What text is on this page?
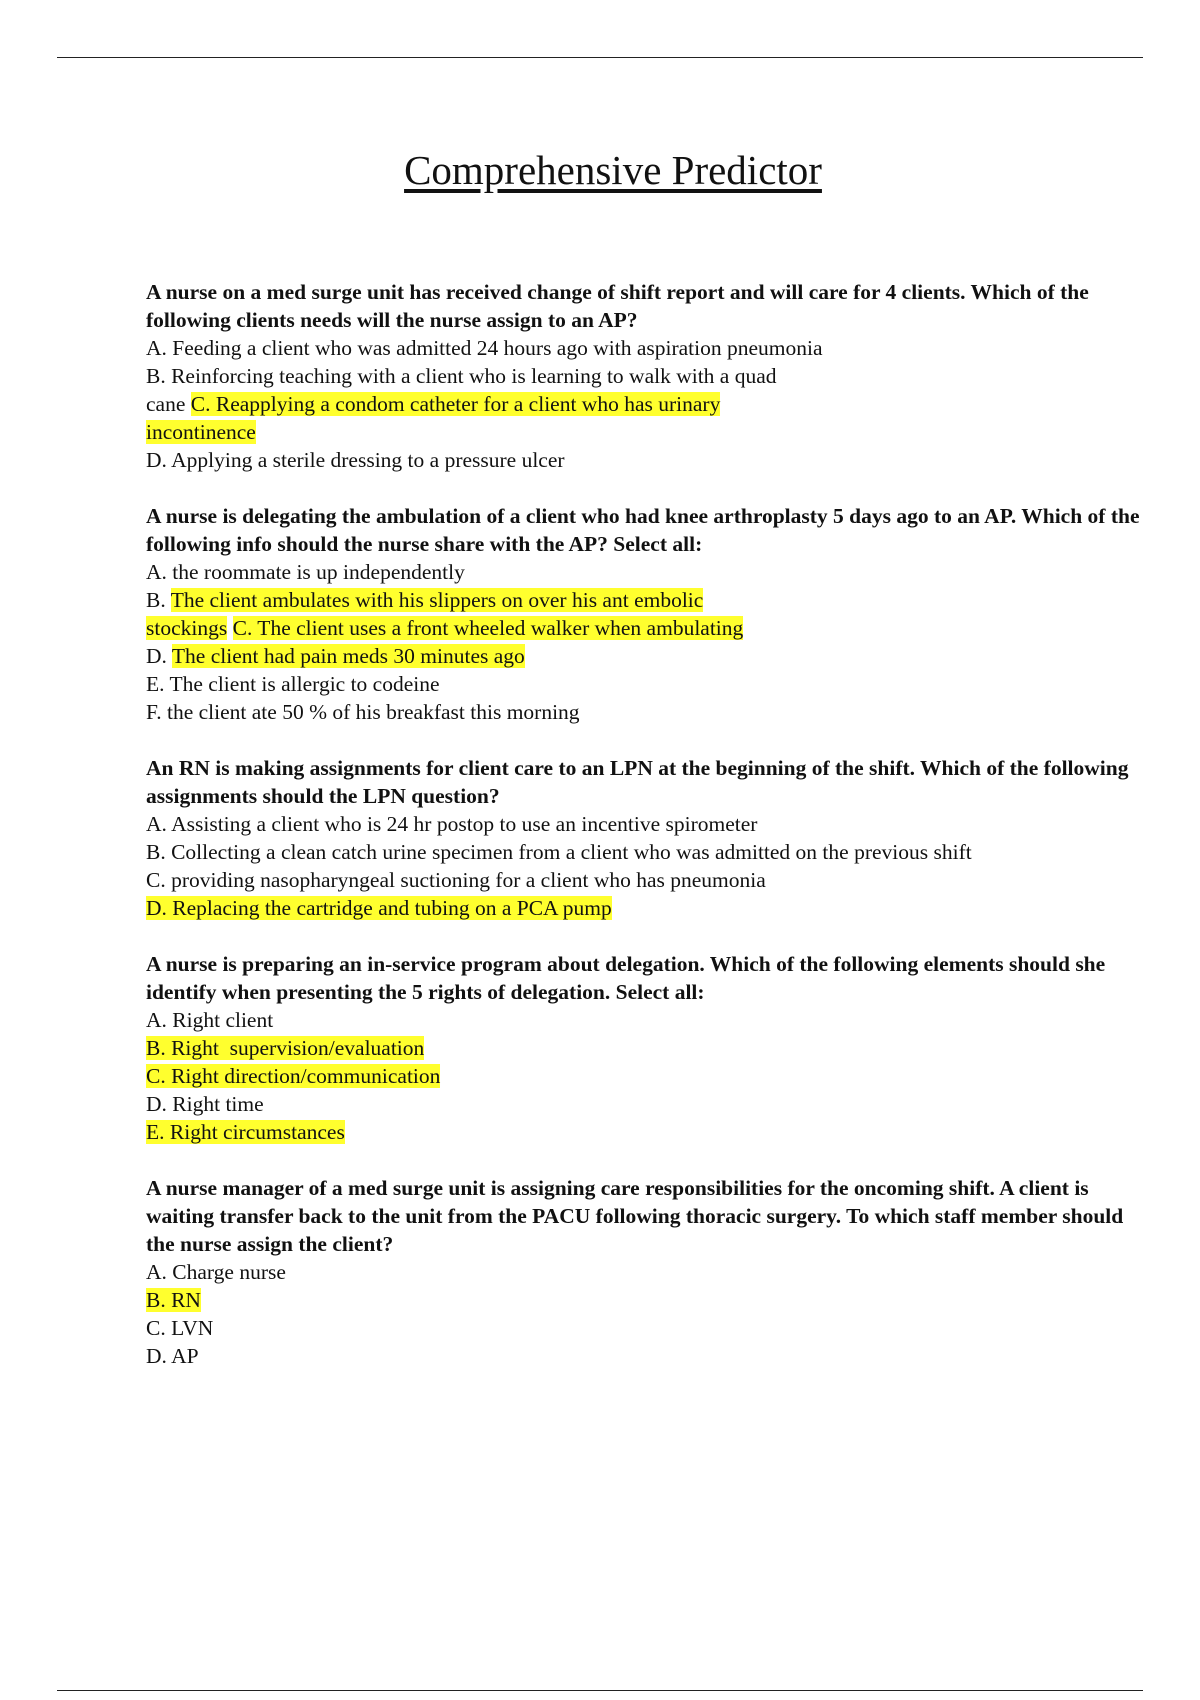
Comprehensive Predictor
A nurse on a med surge unit has received change of shift report and will care for 4 clients. Which of the following clients needs will the nurse assign to an AP?
A. Feeding a client who was admitted 24 hours ago with aspiration pneumonia
B. Reinforcing teaching with a client who is learning to walk with a quad
cane C. Reapplying a condom catheter for a client who has urinary
incontinence
D. Applying a sterile dressing to a pressure ulcer
A nurse is delegating the ambulation of a client who had knee arthroplasty 5 days ago to an AP. Which of the following info should the nurse share with the AP? Select all:
A. the roommate is up independently
B. The client ambulates with his slippers on over his ant embolic
stockings C. The client uses a front wheeled walker when ambulating
D. The client had pain meds 30 minutes ago
E. The client is allergic to codeine
F. the client ate 50 % of his breakfast this morning
An RN is making assignments for client care to an LPN at the beginning of the shift. Which of the following assignments should the LPN question?
A. Assisting a client who is 24 hr postop to use an incentive spirometer
B. Collecting a clean catch urine specimen from a client who was admitted on the previous shift
C. providing nasopharyngeal suctioning for a client who has pneumonia
D. Replacing the cartridge and tubing on a PCA pump
A nurse is preparing an in-service program about delegation. Which of the following elements should she identify when presenting the 5 rights of delegation. Select all:
A. Right client
B. Right  supervision/evaluation
C. Right direction/communication
D. Right time
E. Right circumstances
A nurse manager of a med surge unit is assigning care responsibilities for the oncoming shift. A client is waiting transfer back to the unit from the PACU following thoracic surgery. To which staff member should the nurse assign the client?
A. Charge nurse
B. RN
C. LVN
D. AP
